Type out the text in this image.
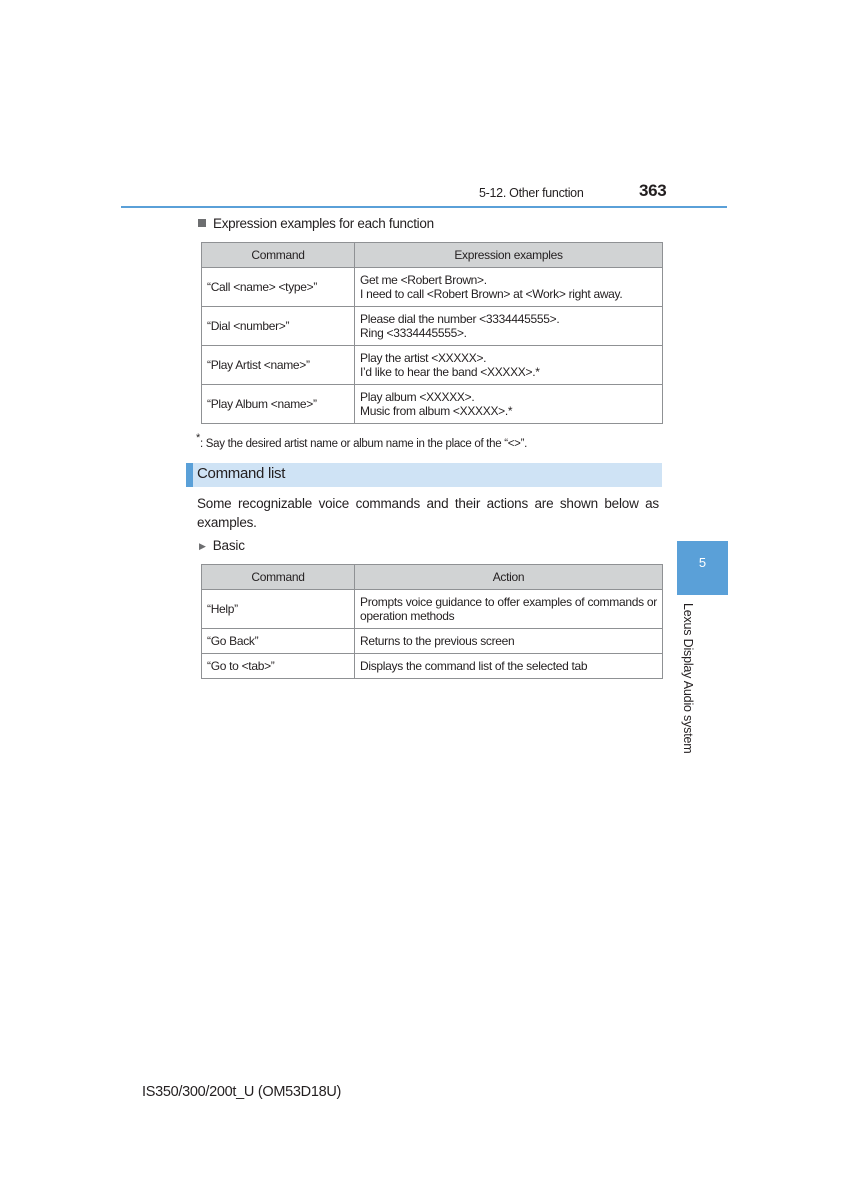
5-12. Other function	363
Expression examples for each function
Command	Expression examples
“Call <name> <type>”	Get me <Robert Brown>.
I need to call <Robert Brown> at <Work> right away.

“Dial <number>”	Please dial the number <3334445555>.
Ring <3334445555>.

“Play Artist <name>”	Play the artist <XXXXX>.
I’d like to hear the band <XXXXX>.*

“Play Album <name>”	Play album <XXXXX>.
Music from album <XXXXX>.*
*: Say the desired artist name or album name in the place of the “<>”.
Command list
Some recognizable voice commands and their actions are shown below as examples.
▶ Basic
Command	Action
“Help”	Prompts voice guidance to offer examples of commands or operation methods
“Go Back”	Returns to the previous screen
“Go to <tab>”	Displays the command list of the selected tab
5
Lexus Display Audio system
IS350/300/200t_U (OM53D18U)
